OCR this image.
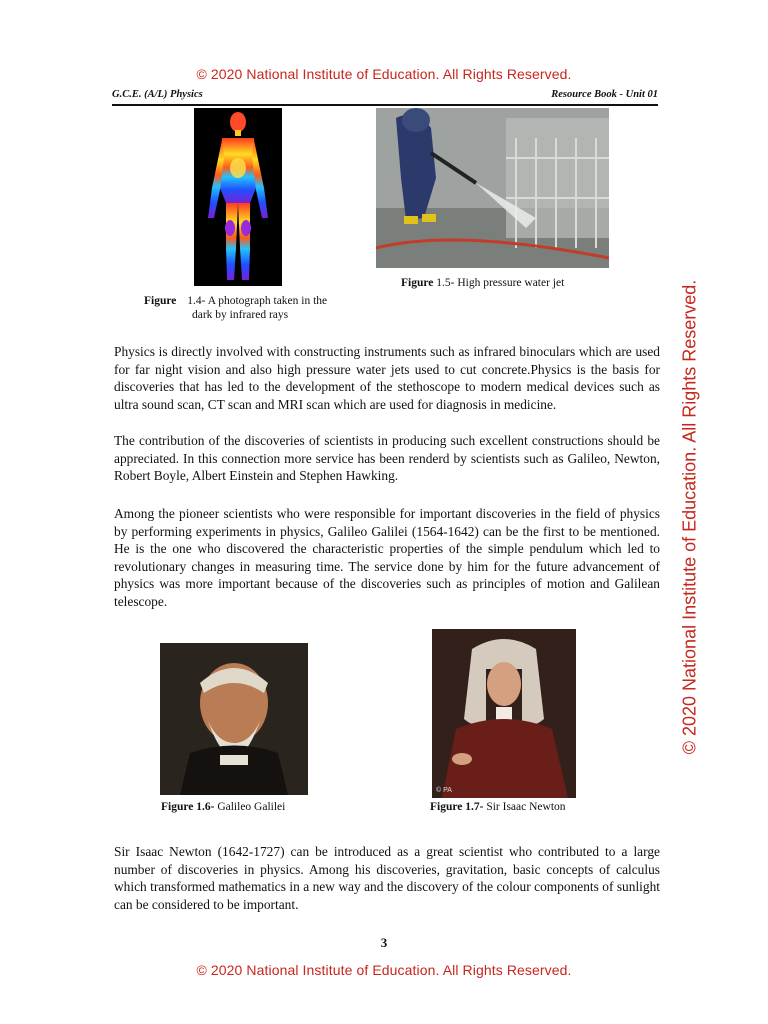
© 2020 National Institute of Education. All Rights Reserved.
© 2020 National Institute of Education. All Rights Reserved.
G.C.E. (A/L) Physics	Resource Book - Unit 01
Figure 1.5- High pressure water jet
Figure 1.4- A photograph taken in the
dark by infrared rays
Physics is directly involved with constructing instruments such as infrared binoculars which are used for far night vision and also high pressure water jets used to cut concrete.Physics is the basis for discoveries that has led to the development of the stethoscope to modern medical devices such as ultra sound scan, CT scan and MRI scan which are used for diagnosis in medicine.
The contribution of the discoveries of scientists in producing such excellent constructions should be appreciated. In this connection more service has been renderd by scientists such as Galileo, Newton, Robert Boyle, Albert Einstein and Stephen Hawking.
Among the pioneer scientists who were responsible for important discoveries in the field of physics by performing experiments in physics, Galileo Galilei (1564-1642) can be the first to be mentioned. He is the one who discovered the characteristic properties of the simple pendulum which led to revolutionary changes in measuring time. The service done by him for the future advancement of physics was more important because of the discoveries such as principles of motion and Galilean telescope.
© PA
Figure 1.6- Galileo Galilei	Figure 1.7- Sir Isaac Newton
Sir Isaac Newton (1642-1727) can be introduced as a great scientist who contributed to a large number of discoveries in physics. Among his discoveries, gravitation, basic concepts of calculus which transformed mathematics in a new way and the discovery of the colour components of sunlight can be considered to be important.
3
© 2020 National Institute of Education. All Rights Reserved.
